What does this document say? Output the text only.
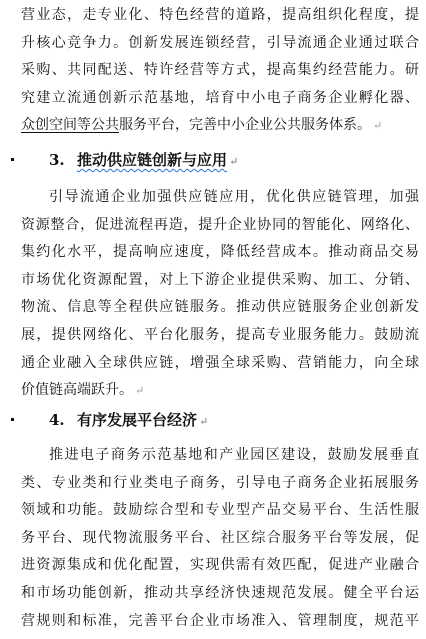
营业态，走专业化、特色经营的道路，提高组织化程度，提
升核心竞争力。创新发展连锁经营，引导流通企业通过联合
采购、共同配送、特许经营等方式，提高集约经营能力。研
究建立流通创新示范基地，培育中小电子商务企业孵化器、
众创空间等公共服务平台，完善中小企业公共服务体系。 ↵
3. 推动供应链创新与应用 ↵
引导流通企业加强供应链应用，优化供应链管理，加强
资源整合，促进流程再造，提升企业协同的智能化、网络化、
集约化水平，提高响应速度，降低经营成本。推动商品交易
市场优化资源配置，对上下游企业提供采购、加工、分销、
物流、信息等全程供应链服务。推动供应链服务企业创新发
展，提供网络化、平台化服务，提高专业服务能力。鼓励流
通企业融入全球供应链，增强全球采购、营销能力，向全球
价值链高端跃升。 ↵
4. 有序发展平台经济 ↵
推进电子商务示范基地和产业园区建设，鼓励发展垂直
类、专业类和行业类电子商务，引导电子商务企业拓展服务
领域和功能。鼓励综合型和专业型产品交易平台、生活性服
务平台、现代物流服务平台、社区综合服务平台等发展，促
进资源集成和优化配置，实现供需有效匹配，促进产业融合
和市场功能创新，推动共享经济快速规范发展。健全平台运
营规则和标准，完善平台企业市场准入、管理制度，规范平
